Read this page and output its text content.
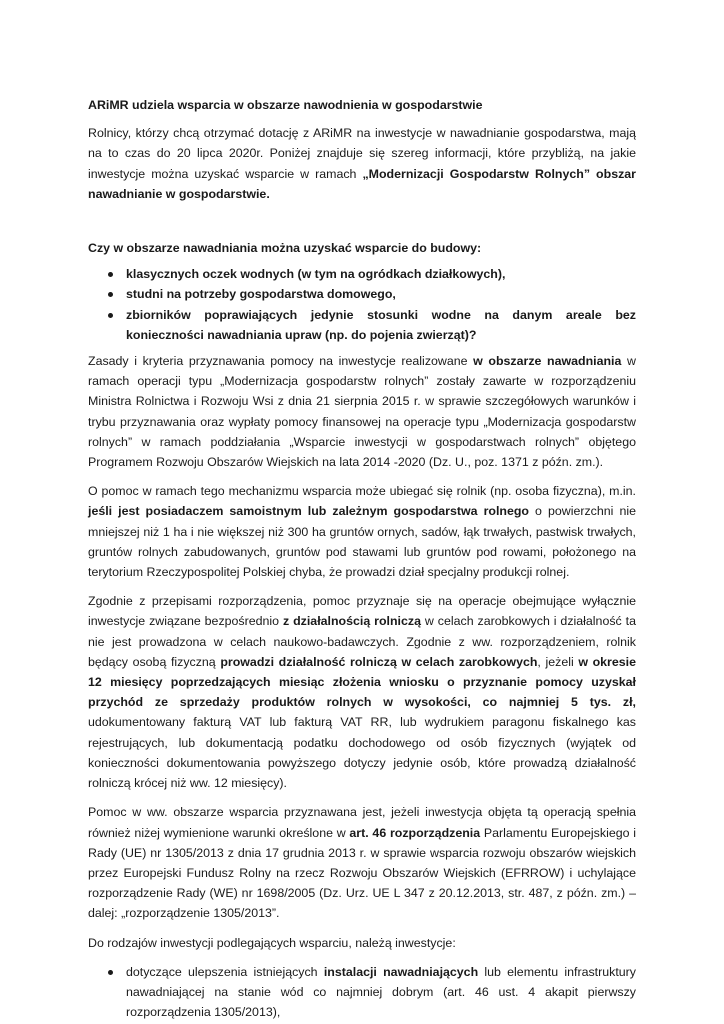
ARiMR udziela wsparcia w obszarze nawodnienia w gospodarstwie

Rolnicy, którzy chcą otrzymać dotację z ARiMR na inwestycje w nawadnianie gospodarstwa, mają na to czas do 20 lipca 2020r. Poniżej znajduje się szereg informacji, które przybliżą, na jakie inwestycje można uzyskać wsparcie w ramach „Modernizacji Gospodarstw Rolnych” obszar nawadnianie w gospodarstwie.

Czy w obszarze nawadniania można uzyskać wsparcie do budowy:

klasycznych oczek wodnych (w tym na ogródkach działkowych),
studni na potrzeby gospodarstwa domowego,
zbiorników poprawiających jedynie stosunki wodne na danym areale bez konieczności nawadniania upraw (np. do pojenia zwierząt)?

Zasady i kryteria przyznawania pomocy na inwestycje realizowane w obszarze nawadniania w ramach operacji typu „Modernizacja gospodarstw rolnych” zostały zawarte w rozporządzeniu Ministra Rolnictwa i Rozwoju Wsi z dnia 21 sierpnia 2015 r. w sprawie szczegółowych warunków i trybu przyznawania oraz wypłaty pomocy finansowej na operacje typu „Modernizacja gospodarstw rolnych” w ramach poddziałania „Wsparcie inwestycji w gospodarstwach rolnych” objętego Programem Rozwoju Obszarów Wiejskich na lata 2014 -2020 (Dz. U., poz. 1371 z późn. zm.).

O pomoc w ramach tego mechanizmu wsparcia może ubiegać się rolnik (np. osoba fizyczna), m.in. jeśli jest posiadaczem samoistnym lub zależnym gospodarstwa rolnego o powierzchni nie mniejszej niż 1 ha i nie większej niż 300 ha gruntów ornych, sadów, łąk trwałych, pastwisk trwałych, gruntów rolnych zabudowanych, gruntów pod stawami lub gruntów pod rowami, położonego na terytorium Rzeczypospolitej Polskiej chyba, że prowadzi dział specjalny produkcji rolnej.

Zgodnie z przepisami rozporządzenia, pomoc przyznaje się na operacje obejmujące wyłącznie inwestycje związane bezpośrednio z działalnością rolniczą w celach zarobkowych i działalność ta nie jest prowadzona w celach naukowo-badawczych. Zgodnie z ww. rozporządzeniem, rolnik będący osobą fizyczną prowadzi działalność rolniczą w celach zarobkowych, jeżeli w okresie 12 miesięcy poprzedzających miesiąc złożenia wniosku o przyznanie pomocy uzyskał przychód ze sprzedaży produktów rolnych w wysokości, co najmniej 5 tys. zł, udokumentowany fakturą VAT lub fakturą VAT RR, lub wydrukiem paragonu fiskalnego kas rejestrujących, lub dokumentacją podatku dochodowego od osób fizycznych (wyjątek od konieczności dokumentowania powyższego dotyczy jedynie osób, które prowadzą działalność rolniczą krócej niż ww. 12 miesięcy).

Pomoc w ww. obszarze wsparcia przyznawana jest, jeżeli inwestycja objęta tą operacją spełnia również niżej wymienione warunki określone w art. 46 rozporządzenia Parlamentu Europejskiego i Rady (UE) nr 1305/2013 z dnia 17 grudnia 2013 r. w sprawie wsparcia rozwoju obszarów wiejskich przez Europejski Fundusz Rolny na rzecz Rozwoju Obszarów Wiejskich (EFRROW) i uchylające rozporządzenie Rady (WE) nr 1698/2005 (Dz. Urz. UE L 347 z 20.12.2013, str. 487, z późn. zm.) – dalej: „rozporządzenie 1305/2013”.

Do rodzajów inwestycji podlegających wsparciu, należą inwestycje:

dotyczące ulepszenia istniejących instalacji nawadniających lub elementu infrastruktury nawadniającej na stanie wód co najmniej dobrym (art. 46 ust. 4 akapit pierwszy rozporządzenia 1305/2013),
